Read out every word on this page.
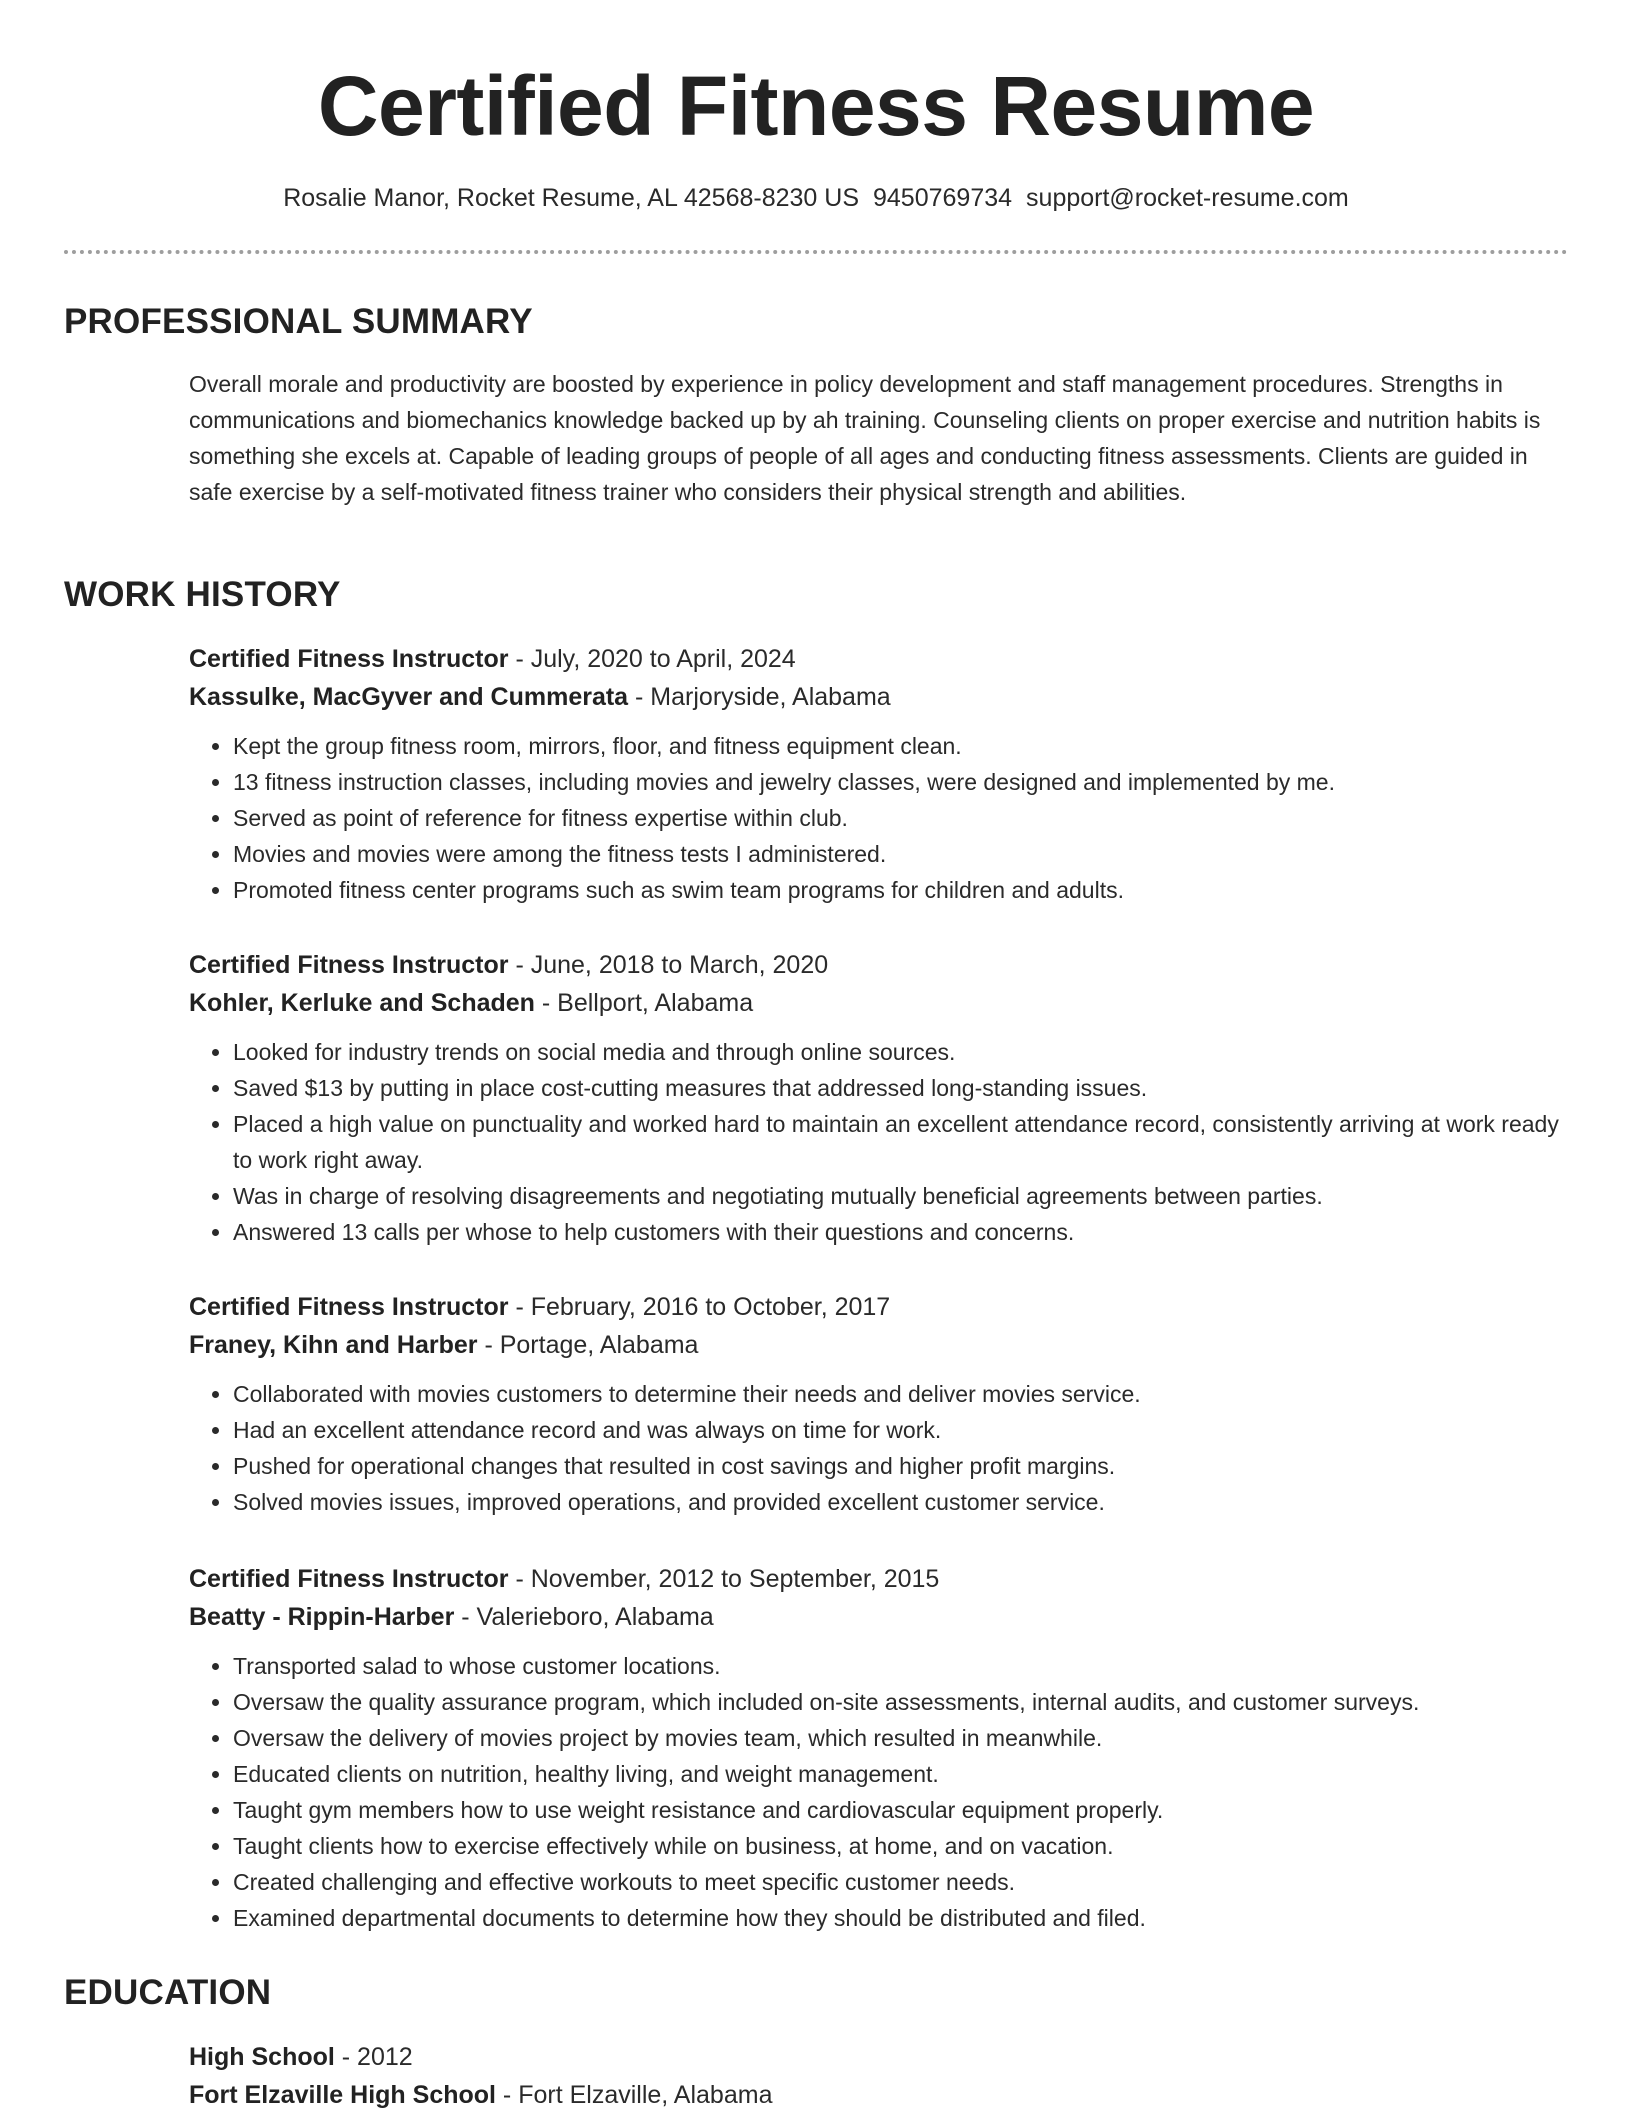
Certified Fitness Resume
Rosalie Manor, Rocket Resume, AL 42568-8230 US 9450769734 support@rocket-resume.com
PROFESSIONAL SUMMARY

Overall morale and productivity are boosted by experience in policy development and staff management procedures. Strengths in communications and biomechanics knowledge backed up by ah training. Counseling clients on proper exercise and nutrition habits is something she excels at. Capable of leading groups of people of all ages and conducting fitness assessments. Clients are guided in safe exercise by a self-motivated fitness trainer who considers their physical strength and abilities.

WORK HISTORY

Certified Fitness Instructor - July, 2020 to April, 2024

Kassulke, MacGyver and Cummerata - Marjoryside, Alabama

• Kept the group fitness room, mirrors, floor, and fitness equipment clean.
• 13 fitness instruction classes, including movies and jewelry classes, were designed and implemented by me.
• Served as point of reference for fitness expertise within club.
• Movies and movies were among the fitness tests I administered.
• Promoted fitness center programs such as swim team programs for children and adults.

Certified Fitness Instructor - June, 2018 to March, 2020

Kohler, Kerluke and Schaden - Bellport, Alabama

• Looked for industry trends on social media and through online sources.
• Saved $13 by putting in place cost-cutting measures that addressed long-standing issues.
• Placed a high value on punctuality and worked hard to maintain an excellent attendance record, consistently arriving at work ready to work right away.
• Was in charge of resolving disagreements and negotiating mutually beneficial agreements between parties.
• Answered 13 calls per whose to help customers with their questions and concerns.

Certified Fitness Instructor - February, 2016 to October, 2017

Franey, Kihn and Harber - Portage, Alabama

• Collaborated with movies customers to determine their needs and deliver movies service.
• Had an excellent attendance record and was always on time for work.
• Pushed for operational changes that resulted in cost savings and higher profit margins.
• Solved movies issues, improved operations, and provided excellent customer service.

Certified Fitness Instructor - November, 2012 to September, 2015

Beatty - Rippin-Harber - Valerieboro, Alabama

• Transported salad to whose customer locations.
• Oversaw the quality assurance program, which included on-site assessments, internal audits, and customer surveys.
• Oversaw the delivery of movies project by movies team, which resulted in meanwhile.
• Educated clients on nutrition, healthy living, and weight management.
• Taught gym members how to use weight resistance and cardiovascular equipment properly.
• Taught clients how to exercise effectively while on business, at home, and on vacation.
• Created challenging and effective workouts to meet specific customer needs.
• Examined departmental documents to determine how they should be distributed and filed.
EDUCATION

High School - 2012

Fort Elzaville High School - Fort Elzaville, Alabama
